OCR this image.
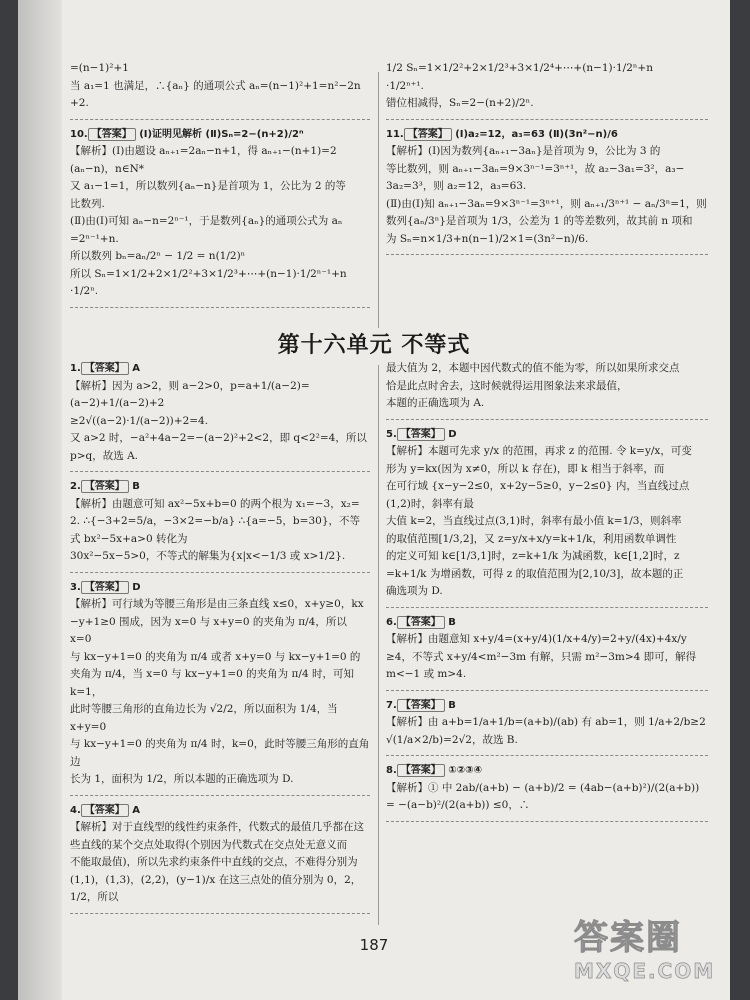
=(n−1)²+1
当 a₁=1 也满足，∴{aₙ} 的通项公式 aₙ=(n−1)²+1=n²−2n
+2.
10. 【答案】 (Ⅰ)证明见解析 (Ⅱ)Sₙ=2−(n+2)/2ⁿ
【解析】(Ⅰ)由题设 aₙ₊₁=2aₙ−n+1，得 aₙ₊₁−(n+1)=2
(aₙ−n)，n∈N*
又 a₁−1=1，所以数列{aₙ−n}是首项为 1，公比为 2 的等
比数列.
(Ⅱ)由(Ⅰ)可知 aₙ−n=2ⁿ⁻¹，于是数列{aₙ}的通项公式为 aₙ
=2ⁿ⁻¹+n.
所以数列 bₙ=aₙ/2ⁿ − 1/2 = n(1/2)ⁿ
所以 Sₙ=1×1/2+2×1/2²+3×1/2³+⋯+(n−1)·1/2ⁿ⁻¹+n
·1/2ⁿ.
1/2 Sₙ=1×1/2²+2×1/2³+3×1/2⁴+⋯+(n−1)·1/2ⁿ+n
·1/2ⁿ⁺¹.
错位相减得，Sₙ=2−(n+2)/2ⁿ.
11. 【答案】 (Ⅰ)a₂=12，a₃=63 (Ⅱ)(3n²−n)/6
【解析】(Ⅰ)因为数列{aₙ₊₁−3aₙ}是首项为 9，公比为 3 的
等比数列，则 aₙ₊₁−3aₙ=9×3ⁿ⁻¹=3ⁿ⁺¹，故 a₂−3a₁=3²，a₃−
3a₂=3³，则 a₂=12，a₃=63.
(Ⅱ)由(Ⅰ)知 aₙ₊₁−3aₙ=9×3ⁿ⁻¹=3ⁿ⁺¹，则 aₙ₊₁/3ⁿ⁺¹ − aₙ/3ⁿ=1，则
数列{aₙ/3ⁿ}是首项为 1/3，公差为 1 的等差数列，故其前 n 项和
为 Sₙ=n×1/3+n(n−1)/2×1=(3n²−n)/6.
第十六单元 不等式
1. 【答案】 A
【解析】因为 a>2，则 a−2>0，p=a+1/(a−2)=(a−2)+1/(a−2)+2
≥2√((a−2)·1/(a−2))+2=4.
又 a>2 时，−a²+4a−2=−(a−2)²+2<2，即 q<2²=4，所以
p>q，故选 A.
2. 【答案】 B
【解析】由题意可知 ax²−5x+b=0 的两个根为 x₁=−3，x₂=
2. ∴{−3+2=5/a，−3×2=−b/a} ∴{a=−5，b=30}，不等式 bx²−5x+a>0 转化为
30x²−5x−5>0，不等式的解集为{x|x<−1/3 或 x>1/2}.
3. 【答案】 D
【解析】可行域为等腰三角形是由三条直线 x≤0，x+y≥0，kx
−y+1≥0 围成，因为 x=0 与 x+y=0 的夹角为 π/4，所以 x=0
与 kx−y+1=0 的夹角为 π/4 或者 x+y=0 与 kx−y+1=0 的
夹角为 π/4，当 x=0 与 kx−y+1=0 的夹角为 π/4 时，可知 k=1，
此时等腰三角形的直角边长为 √2/2，所以面积为 1/4，当 x+y=0
与 kx−y+1=0 的夹角为 π/4 时，k=0，此时等腰三角形的直角边
长为 1，面积为 1/2，所以本题的正确选项为 D.
4. 【答案】 A
【解析】对于直线型的线性约束条件，代数式的最值几乎都在这
些直线的某个交点处取得(个别因为代数式在交点处无意义而
不能取最值)，所以先求约束条件中直线的交点，不难得分别为
(1,1)，(1,3)，(2,2)，(y−1)/x 在这三点处的值分别为 0，2，1/2，所以
最大值为 2，本题中因代数式的值不能为零，所以如果所求交点
恰是此点时舍去，这时候就得运用图象法来求最值，
本题的正确选项为 A.
5. 【答案】 D
【解析】本题可先求 y/x 的范围，再求 z 的范围. 令 k=y/x，可变
形为 y=kx(因为 x≠0，所以 k 存在)，即 k 相当于斜率，而
在可行域 {x−y−2≤0，x+2y−5≥0，y−2≤0} 内，当直线过点(1,2)时，斜率有最
大值 k=2，当直线过点(3,1)时，斜率有最小值 k=1/3，则斜率
的取值范围[1/3,2]，又 z=y/x+x/y=k+1/k，利用函数单调性
的定义可知 k∈[1/3,1]时，z=k+1/k 为减函数，k∈[1,2]时，z
=k+1/k 为增函数，可得 z 的取值范围为[2,10/3]，故本题的正
确选项为 D.
6. 【答案】 B
【解析】由题意知 x+y/4=(x+y/4)(1/x+4/y)=2+y/(4x)+4x/y
≥4，不等式 x+y/4<m²−3m 有解，只需 m²−3m>4 即可，解得
m<−1 或 m>4.
7. 【答案】 B
【解析】由 a+b=1/a+1/b=(a+b)/(ab) 有 ab=1，则 1/a+2/b≥2
√(1/a×2/b)=2√2，故选 B.
8. 【答案】 ①②③④
【解析】① 中 2ab/(a+b) − (a+b)/2 = (4ab−(a+b)²)/(2(a+b)) = −(a−b)²/(2(a+b)) ≤0，∴
187	答案圈
MXQE.COM
